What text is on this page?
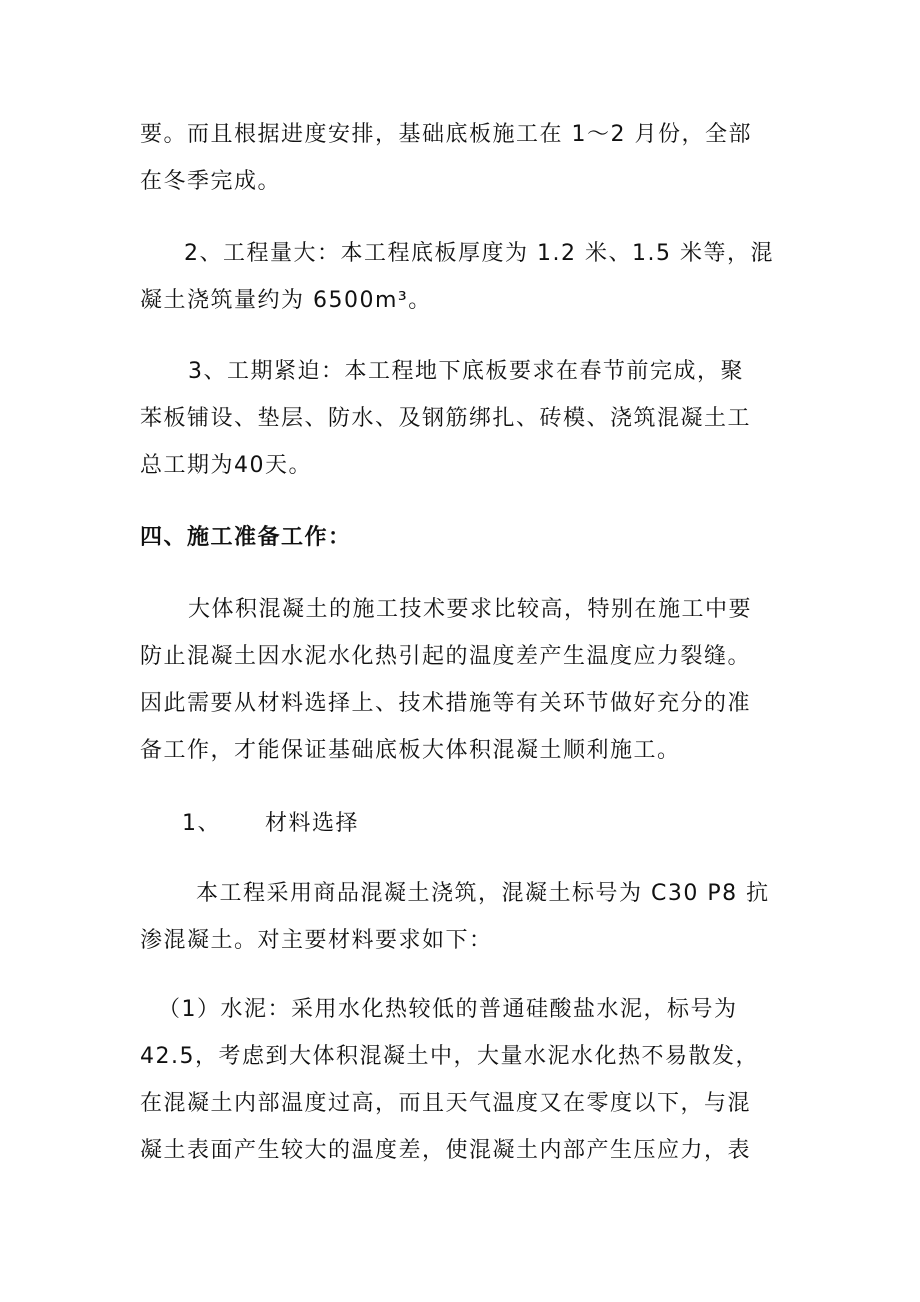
要。而且根据进度安排，基础底板施工在 1～2 月份，全部
在冬季完成。
2、工程量大：本工程底板厚度为 1.2 米、1.5 米等，混
凝土浇筑量约为 6500m³。
3、工期紧迫：本工程地下底板要求在春节前完成，聚
苯板铺设、垫层、防水、及钢筋绑扎、砖模、浇筑混凝土工
总工期为40天。
四、施工准备工作：
大体积混凝土的施工技术要求比较高，特别在施工中要
防止混凝土因水泥水化热引起的温度差产生温度应力裂缝。
因此需要从材料选择上、技术措施等有关环节做好充分的准
备工作，才能保证基础底板大体积混凝土顺利施工。
1、 材料选择
本工程采用商品混凝土浇筑，混凝土标号为 C30 P8 抗
渗混凝土。对主要材料要求如下：
（1）水泥：采用水化热较低的普通硅酸盐水泥，标号为
42.5，考虑到大体积混凝土中，大量水泥水化热不易散发，
在混凝土内部温度过高，而且天气温度又在零度以下，与混
凝土表面产生较大的温度差，使混凝土内部产生压应力，表
